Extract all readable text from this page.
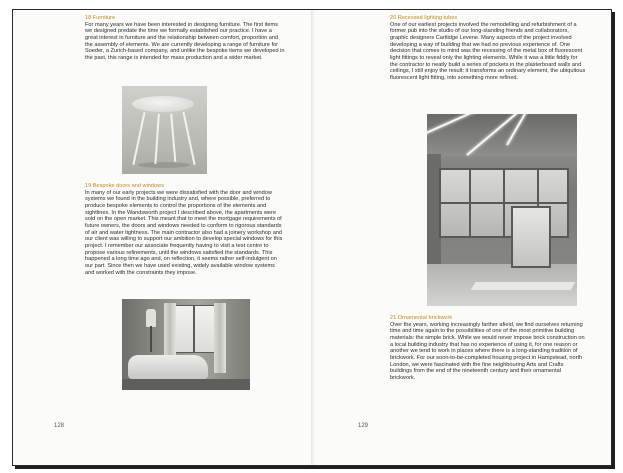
18 Furniture

For many years we have been interested in designing furniture. The first items we designed predate the time we formally established our practice. I have a great interest in furniture and the relationship between comfort, proportion and the assembly of elements. We are currently developing a range of furniture for Soeder, a Zurich-based company, and unlike the bespoke items we developed in the past, this range is intended for mass production and a wider market.

19 Bespoke doors and windows

In many of our early projects we were dissatisfied with the door and window systems we found in the building industry and, where possible, preferred to produce bespoke elements to control the proportions of the elements and sightlines. In the Wandsworth project I described above, the apartments were sold on the open market. This meant that to meet the mortgage requirements of future owners, the doors and windows needed to conform to rigorous standards of air and water tightness. The main contractor also had a joinery workshop and our client was willing to support our ambition to develop special windows for this project. I remember our associate frequently having to visit a test centre to propose various refinements, until the windows satisfied the standards. This happened a long time ago and, on reflection, it seems rather self-indulgent on our part. Since then we have used existing, widely available window systems and worked with the constraints they impose.

128
20 Recessed lighting tubes

One of our earliest projects involved the remodelling and refurbishment of a former pub into the studio of our long-standing friends and collaborators, graphic designers Cartlidge Levene. Many aspects of the project involved developing a way of building that we had no previous experience of. One decision that comes to mind was the recessing of the metal box of fluorescent light fittings to reveal only the lighting elements. While it was a little fiddly for the contractor to neatly build a series of pockets in the plasterboard walls and ceilings, I still enjoy the result: it transforms an ordinary element, the ubiquitous fluorescent light fitting, into something more refined.

21 Ornamental brickwork

Over the years, working increasingly farther afield, we find ourselves returning time and time again to the possibilities of one of the most primitive building materials: the simple brick. While we would never impose brick construction on a local building industry that has no experience of using it, for one reason or another we tend to work in places where there is a long-standing tradition of brickwork. For our soon-to-be-completed housing project in Hampstead, north London, we were fascinated with the fine neighbouring Arts and Crafts buildings from the end of the nineteenth century and their ornamental brickwork.

129
